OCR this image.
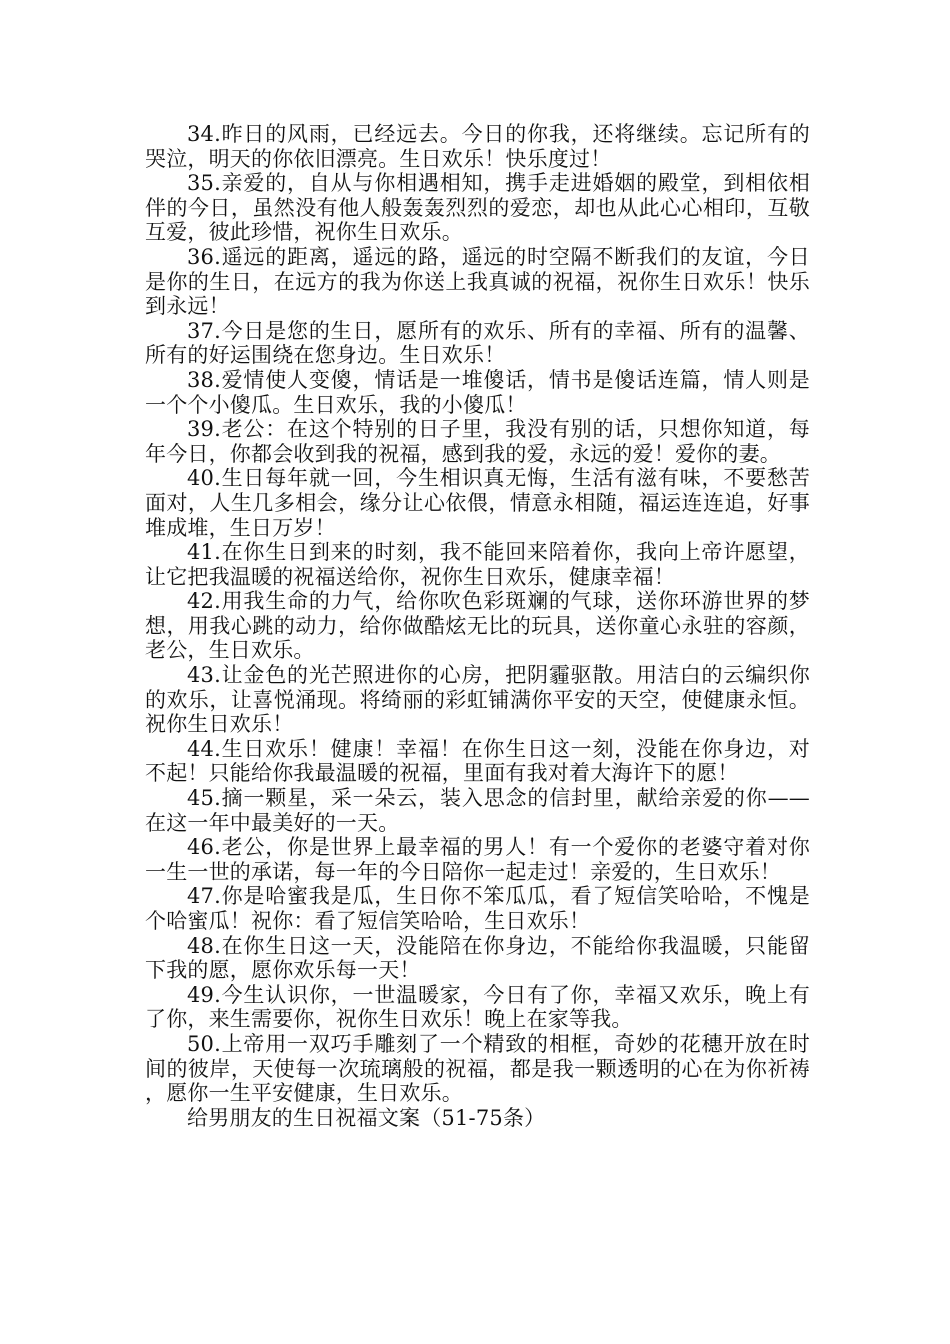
34.昨日的风雨，已经远去。今日的你我，还将继续。忘记所有的哭泣，明天的你依旧漂亮。生日欢乐！快乐度过！

35.亲爱的，自从与你相遇相知，携手走进婚姻的殿堂，到相依相伴的今日，虽然没有他人般轰轰烈烈的爱恋，却也从此心心相印，互敬互爱，彼此珍惜，祝你生日欢乐。

36.遥远的距离，遥远的路，遥远的时空隔不断我们的友谊，今日是你的生日，在远方的我为你送上我真诚的祝福，祝你生日欢乐！快乐到永远！

37.今日是您的生日，愿所有的欢乐、所有的幸福、所有的温馨、所有的好运围绕在您身边。生日欢乐！

38.爱情使人变傻，情话是一堆傻话，情书是傻话连篇，情人则是一个个小傻瓜。生日欢乐，我的小傻瓜！

39.老公：在这个特别的日子里，我没有别的话，只想你知道，每年今日，你都会收到我的祝福，感到我的爱，永远的爱！爱你的妻。

40.生日每年就一回，今生相识真无悔，生活有滋有味，不要愁苦面对，人生几多相会，缘分让心依偎，情意永相随，福运连连追，好事堆成堆，生日万岁！

41.在你生日到来的时刻，我不能回来陪着你，我向上帝许愿望，让它把我温暖的祝福送给你，祝你生日欢乐，健康幸福！

42.用我生命的力气，给你吹色彩斑斓的气球，送你环游世界的梦想，用我心跳的动力，给你做酷炫无比的玩具，送你童心永驻的容颜，老公，生日欢乐。

43.让金色的光芒照进你的心房，把阴霾驱散。用洁白的云编织你的欢乐，让喜悦涌现。将绮丽的彩虹铺满你平安的天空，使健康永恒。祝你生日欢乐！

44.生日欢乐！健康！幸福！在你生日这一刻，没能在你身边，对不起！只能给你我最温暖的祝福，里面有我对着大海许下的愿！

45.摘一颗星，采一朵云，装入思念的信封里，献给亲爱的你——在这一年中最美好的一天。

46.老公，你是世界上最幸福的男人！有一个爱你的老婆守着对你一生一世的承诺，每一年的今日陪你一起走过！亲爱的，生日欢乐！

47.你是哈蜜我是瓜，生日你不笨瓜瓜，看了短信笑哈哈，不愧是个哈蜜瓜！祝你：看了短信笑哈哈，生日欢乐！

48.在你生日这一天，没能陪在你身边，不能给你我温暖，只能留下我的愿，愿你欢乐每一天！

49.今生认识你，一世温暖家，今日有了你，幸福又欢乐，晚上有了你，来生需要你，祝你生日欢乐！晚上在家等我。

50.上帝用一双巧手雕刻了一个精致的相框，奇妙的花穗开放在时间的彼岸，天使每一次琉璃般的祝福，都是我一颗透明的心在为你祈祷，愿你一生平安健康，生日欢乐。

给男朋友的生日祝福文案（51-75条）
